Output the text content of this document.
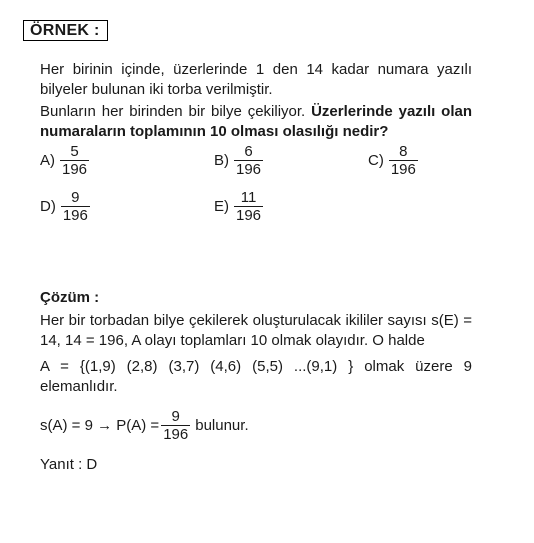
ÖRNEK :

Her birinin içinde, üzerlerinde 1 den 14 kadar numara yazılı bilyeler bulunan iki torba verilmiştir.

Bunların her birinden bir bilye çekiliyor. Üzerlerinde yazılı olan numaraların toplamının 10 olması olasılığı nedir?

$A) \frac{5}{196}$	$B) \frac{6}{196}$	$C) \frac{8}{196}$
$D) \frac{9}{196}$	$E) \frac{11}{196}$
Çözüm :

Her bir torbadan bilye çekilerek oluşturulacak ikililer sayısı s(E) = 14, 14 = 196, A olayı toplamları 10 olmak olayıdır. O halde

A = {(1,9) (2,8) (3,7) (4,6) (5,5) ...(9,1) } olmak üzere 9 elemanlıdır.

$s(A) = 9 \to P(A) = \frac{9}{196}$ bulunur.
Yanıt : D
